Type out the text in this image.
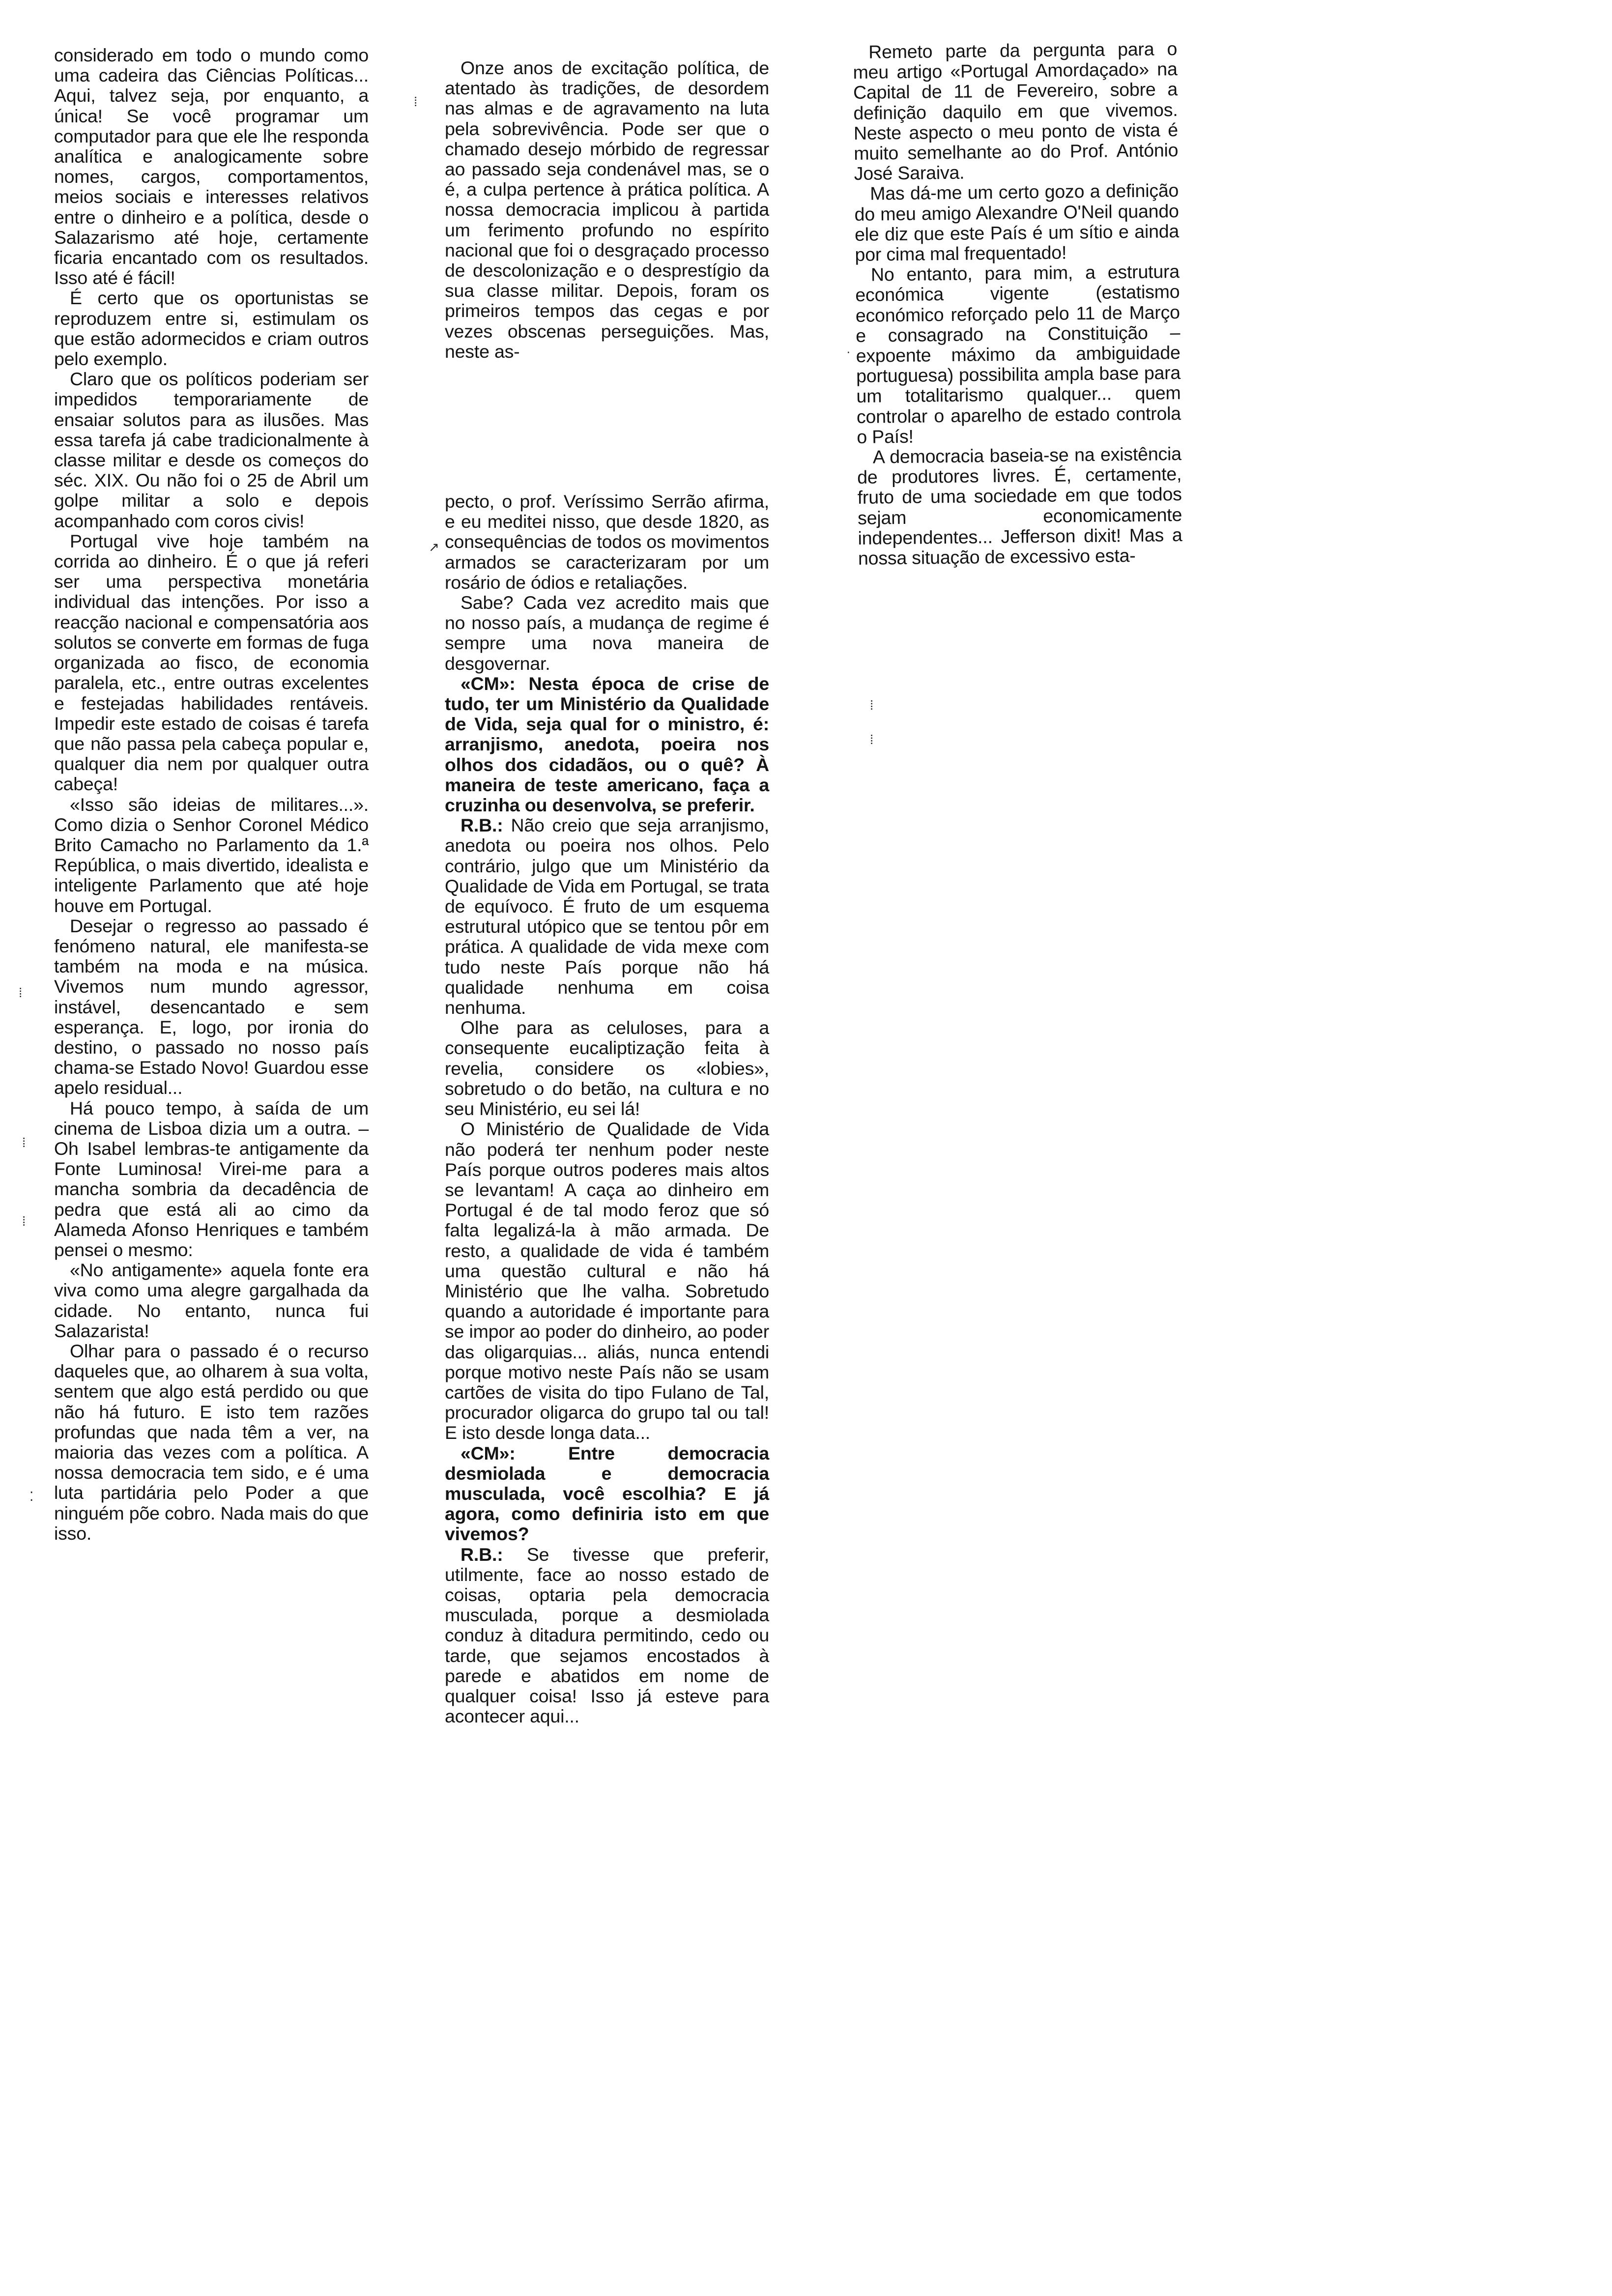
considerado em todo o mundo como uma cadeira das Ciências Políticas... Aqui, talvez seja, por enquanto, a única! Se você programar um computador para que ele lhe responda analítica e analogicamente sobre nomes, cargos, comportamentos, meios sociais e interesses relativos entre o dinheiro e a política, desde o Salazarismo até hoje, certamente ficaria encantado com os resultados. Isso até é fácil!

É certo que os oportunistas se reproduzem entre si, estimulam os que estão adormecidos e criam outros pelo exemplo.

Claro que os políticos poderiam ser impedidos temporariamente de ensaiar solutos para as ilusões. Mas essa tarefa já cabe tradicionalmente à classe militar e desde os começos do séc. XIX. Ou não foi o 25 de Abril um golpe militar a solo e depois acompanhado com coros civis!

Portugal vive hoje também na corrida ao dinheiro. É o que já referi ser uma perspectiva monetária individual das intenções. Por isso a reacção nacional e compensatória aos solutos se converte em formas de fuga organizada ao fisco, de economia paralela, etc., entre outras excelentes e festejadas habilidades rentáveis. Impedir este estado de coisas é tarefa que não passa pela cabeça popular e, qualquer dia nem por qualquer outra cabeça!

«Isso são ideias de militares...». Como dizia o Senhor Coronel Médico Brito Camacho no Parlamento da 1.ª República, o mais divertido, idealista e inteligente Parlamento que até hoje houve em Portugal.

Desejar o regresso ao passado é fenómeno natural, ele manifesta-se também na moda e na música. Vivemos num mundo agressor, instável, desencantado e sem esperança. E, logo, por ironia do destino, o passado no nosso país chama-se Estado Novo! Guardou esse apelo residual...

Há pouco tempo, à saída de um cinema de Lisboa dizia um a outra. – Oh Isabel lembras-te antigamente da Fonte Luminosa! Virei-me para a mancha sombria da decadência de pedra que está ali ao cimo da Alameda Afonso Henriques e também pensei o mesmo:

«No antigamente» aquela fonte era viva como uma alegre gargalhada da cidade. No entanto, nunca fui Salazarista!

Olhar para o passado é o recurso daqueles que, ao olharem à sua volta, sentem que algo está perdido ou que não há futuro. E isto tem razões profundas que nada têm a ver, na maioria das vezes com a política. A nossa democracia tem sido, e é uma luta partidária pelo Poder a que ninguém põe cobro. Nada mais do que isso.

Onze anos de excitação política, de atentado às tradições, de desordem nas almas e de agravamento na luta pela sobrevivência. Pode ser que o chamado desejo mórbido de regressar ao passado seja condenável mas, se o é, a culpa pertence à prática política. A nossa democracia implicou à partida um ferimento profundo no espírito nacional que foi o desgraçado processo de descolonização e o desprestígio da sua classe militar. Depois, foram os primeiros tempos das cegas e por vezes obscenas perseguições. Mas, neste as-

pecto, o prof. Veríssimo Serrão afirma, e eu meditei nisso, que desde 1820, as consequências de todos os movimentos armados se caracterizaram por um rosário de ódios e retaliações.

Sabe? Cada vez acredito mais que no nosso país, a mudança de regime é sempre uma nova maneira de desgovernar.

«CM»: Nesta época de crise de tudo, ter um Ministério da Qualidade de Vida, seja qual for o ministro, é: arranjismo, anedota, poeira nos olhos dos cidadãos, ou o quê? À maneira de teste americano, faça a cruzinha ou desenvolva, se preferir.

R.B.: Não creio que seja arranjismo, anedota ou poeira nos olhos. Pelo contrário, julgo que um Ministério da Qualidade de Vida em Portugal, se trata de equívoco. É fruto de um esquema estrutural utópico que se tentou pôr em prática. A qualidade de vida mexe com tudo neste País porque não há qualidade nenhuma em coisa nenhuma.

Olhe para as celuloses, para a consequente eucaliptização feita à revelia, considere os «lobies», sobretudo o do betão, na cultura e no seu Ministério, eu sei lá!

O Ministério de Qualidade de Vida não poderá ter nenhum poder neste País porque outros poderes mais altos se levantam! A caça ao dinheiro em Portugal é de tal modo feroz que só falta legalizá-la à mão armada. De resto, a qualidade de vida é também uma questão cultural e não há Ministério que lhe valha. Sobretudo quando a autoridade é importante para se impor ao poder do dinheiro, ao poder das oligarquias... aliás, nunca entendi porque motivo neste País não se usam cartões de visita do tipo Fulano de Tal, procurador oligarca do grupo tal ou tal! E isto desde longa data...

«CM»: Entre democracia desmiolada e democracia musculada, você escolhia? E já agora, como definiria isto em que vivemos?

R.B.: Se tivesse que preferir, utilmente, face ao nosso estado de coisas, optaria pela democracia musculada, porque a desmiolada conduz à ditadura permitindo, cedo ou tarde, que sejamos encostados à parede e abatidos em nome de qualquer coisa! Isso já esteve para acontecer aqui...

Remeto parte da pergunta para o meu artigo «Portugal Amordaçado» na Capital de 11 de Fevereiro, sobre a definição daquilo em que vivemos. Neste aspecto o meu ponto de vista é muito semelhante ao do Prof. António José Saraiva.

Mas dá-me um certo gozo a definição do meu amigo Alexandre O'Neil quando ele diz que este País é um sítio e ainda por cima mal frequentado!

No entanto, para mim, a estrutura económica vigente (estatismo económico reforçado pelo 11 de Março e consagrado na Constituição – expoente máximo da ambiguidade portuguesa) possibilita ampla base para um totalitarismo qualquer... quem controlar o aparelho de estado controla o País!

A democracia baseia-se na existência de produtores livres. É, certamente, fruto de uma sociedade em que todos sejam economicamente independentes... Jefferson dixit! Mas a nossa situação de excessivo esta-

⁞
↗
·
⁞
⁞
⁞
⁚
⁞
⁞
